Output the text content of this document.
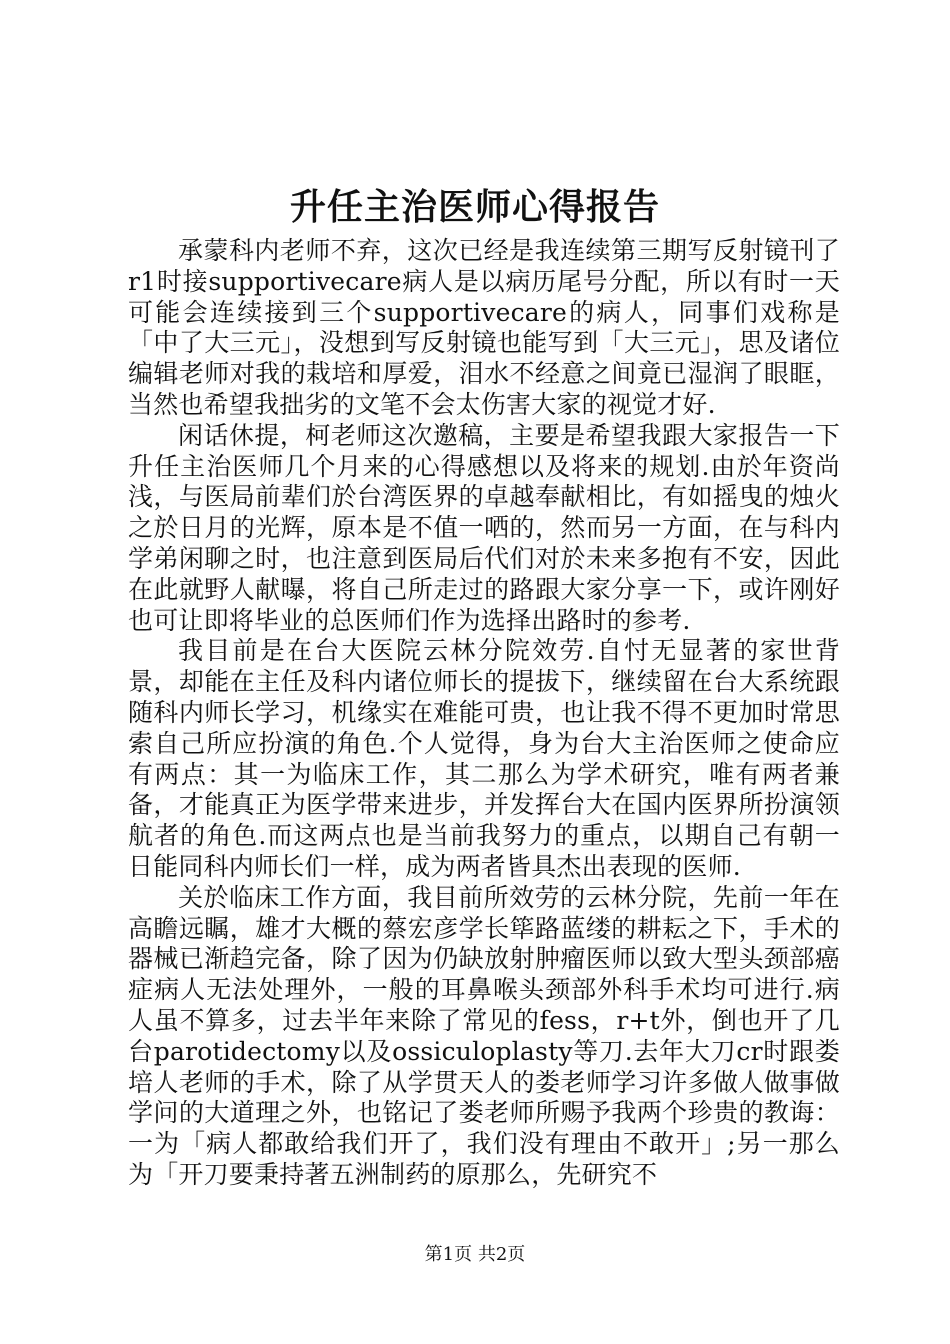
升任主治医师心得报告

承蒙科内老师不弃，这次已经是我连续第三期写反射镜刊了r1时接supportivecare病人是以病历尾号分配，所以有时一天可能会连续接到三个supportivecare的病人，同事们戏称是「中了大三元」，没想到写反射镜也能写到「大三元」，思及诸位编辑老师对我的栽培和厚爱，泪水不经意之间竟已湿润了眼眶，当然也希望我拙劣的文笔不会太伤害大家的视觉才好.

闲话休提，柯老师这次邀稿，主要是希望我跟大家报告一下升任主治医师几个月来的心得感想以及将来的规划.由於年资尚浅，与医局前辈们於台湾医界的卓越奉献相比，有如摇曳的烛火之於日月的光辉，原本是不值一哂的，然而另一方面，在与科内学弟闲聊之时，也注意到医局后代们对於未来多抱有不安，因此在此就野人献曝，将自己所走过的路跟大家分享一下，或许刚好也可让即将毕业的总医师们作为选择出路时的参考.

我目前是在台大医院云林分院效劳.自忖无显著的家世背景，却能在主任及科内诸位师长的提拔下，继续留在台大系统跟随科内师长学习，机缘实在难能可贵，也让我不得不更加时常思索自己所应扮演的角色.个人觉得，身为台大主治医师之使命应有两点：其一为临床工作，其二那么为学术研究，唯有两者兼备，才能真正为医学带来进步，并发挥台大在国内医界所扮演领航者的角色.而这两点也是当前我努力的重点，以期自己有朝一日能同科内师长们一样，成为两者皆具杰出表现的医师.

关於临床工作方面，我目前所效劳的云林分院，先前一年在高瞻远瞩，雄才大概的蔡宏彦学长筚路蓝缕的耕耘之下，手术的器械已渐趋完备，除了因为仍缺放射肿瘤医师以致大型头颈部癌症病人无法处理外，一般的耳鼻喉头颈部外科手术均可进行.病人虽不算多，过去半年来除了常见的fess，r+t外，倒也开了几台parotidectomy以及ossiculoplasty等刀.去年大刀cr时跟娄培人老师的手术，除了从学贯天人的娄老师学习许多做人做事做学问的大道理之外，也铭记了娄老师所赐予我两个珍贵的教诲：一为「病人都敢给我们开了，我们没有理由不敢开」;另一那么为「开刀要秉持著五洲制药的原那么，先研究不

第1页 共2页
